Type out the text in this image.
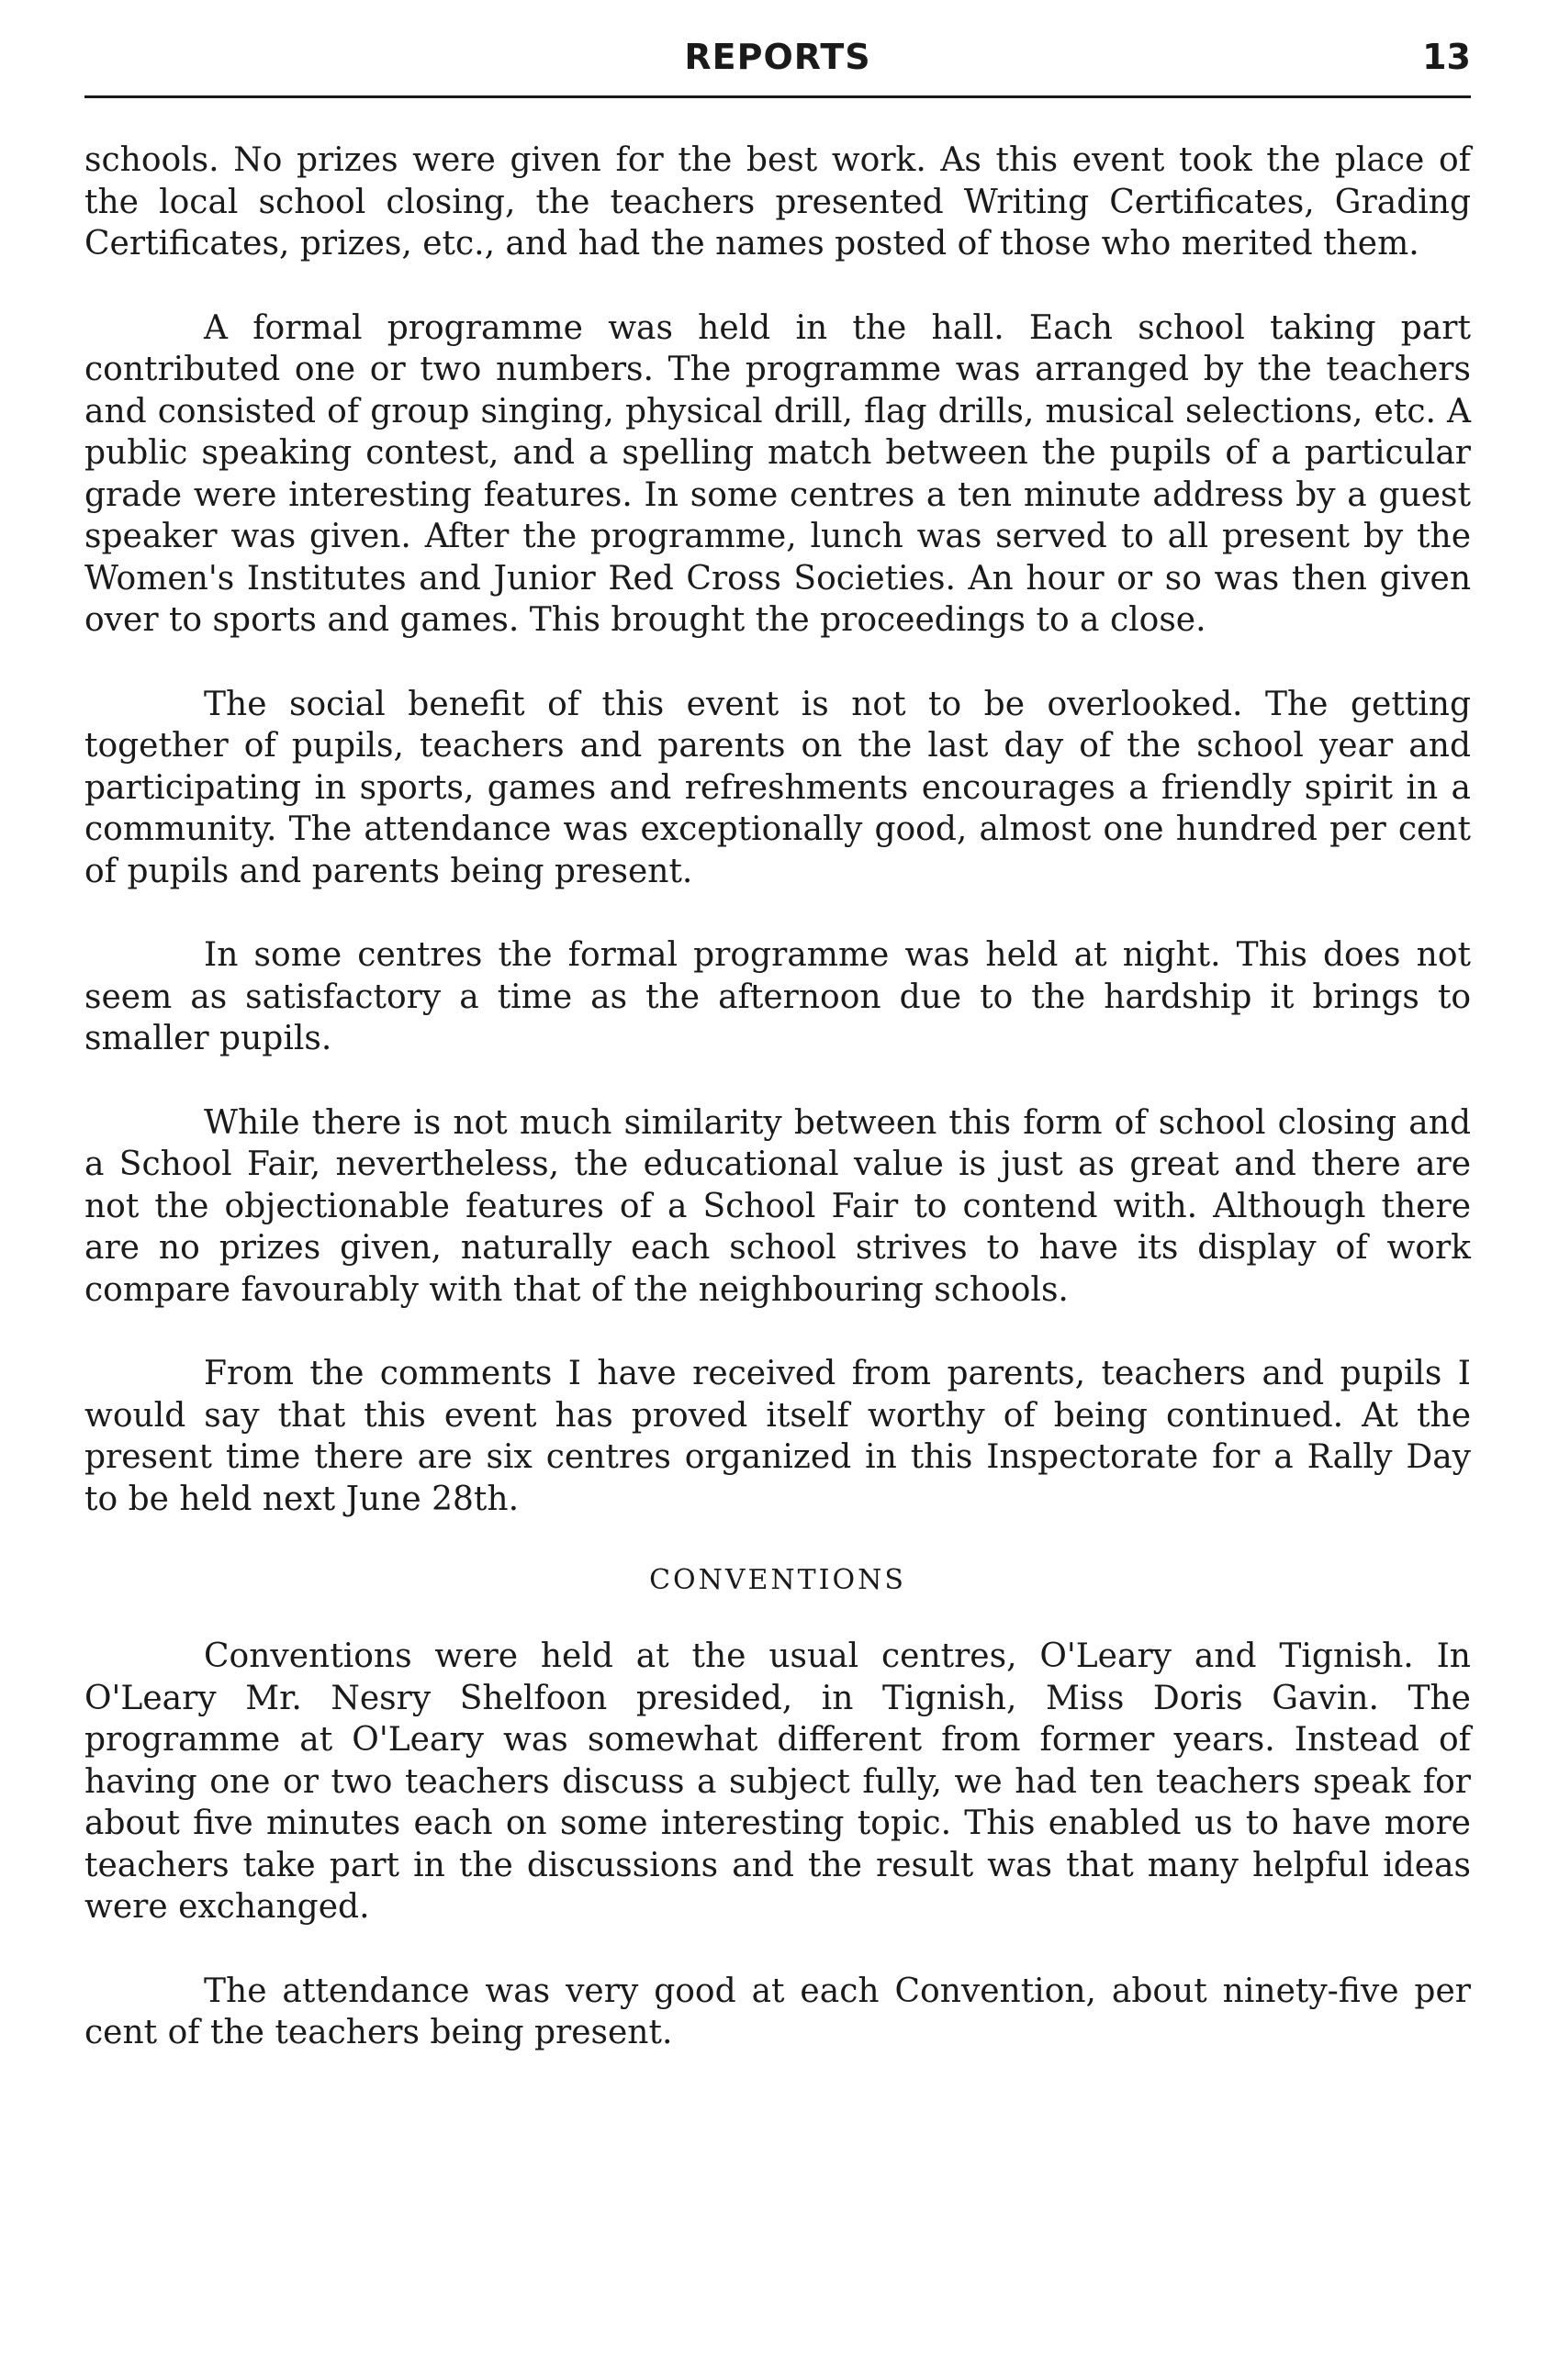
REPORTS	13

schools. No prizes were given for the best work. As this event took the place of the local school closing, the teachers presented Writing Certificates, Grading Certificates, prizes, etc., and had the names posted of those who merited them.

A formal programme was held in the hall. Each school taking part contributed one or two numbers. The programme was arranged by the teachers and consisted of group singing, physical drill, flag drills, musical selections, etc. A public speaking contest, and a spelling match between the pupils of a particular grade were interesting features. In some centres a ten minute address by a guest speaker was given. After the programme, lunch was served to all present by the Women's Institutes and Junior Red Cross Societies. An hour or so was then given over to sports and games. This brought the proceedings to a close.

The social benefit of this event is not to be overlooked. The getting together of pupils, teachers and parents on the last day of the school year and participating in sports, games and refreshments encourages a friendly spirit in a community. The attendance was exceptionally good, almost one hundred per cent of pupils and parents being present.

In some centres the formal programme was held at night. This does not seem as satisfactory a time as the afternoon due to the hardship it brings to smaller pupils.

While there is not much similarity between this form of school closing and a School Fair, nevertheless, the educational value is just as great and there are not the objectionable features of a School Fair to contend with. Although there are no prizes given, naturally each school strives to have its display of work compare favourably with that of the neighbouring schools.

From the comments I have received from parents, teachers and pupils I would say that this event has proved itself worthy of being continued. At the present time there are six centres organized in this Inspectorate for a Rally Day to be held next June 28th.

CONVENTIONS

Conventions were held at the usual centres, O'Leary and Tignish. In O'Leary Mr. Nesry Shelfoon presided, in Tignish, Miss Doris Gavin. The programme at O'Leary was somewhat different from former years. Instead of having one or two teachers discuss a subject fully, we had ten teachers speak for about five minutes each on some interesting topic. This enabled us to have more teachers take part in the discussions and the result was that many helpful ideas were exchanged.

The attendance was very good at each Convention, about ninety-five per cent of the teachers being present.
